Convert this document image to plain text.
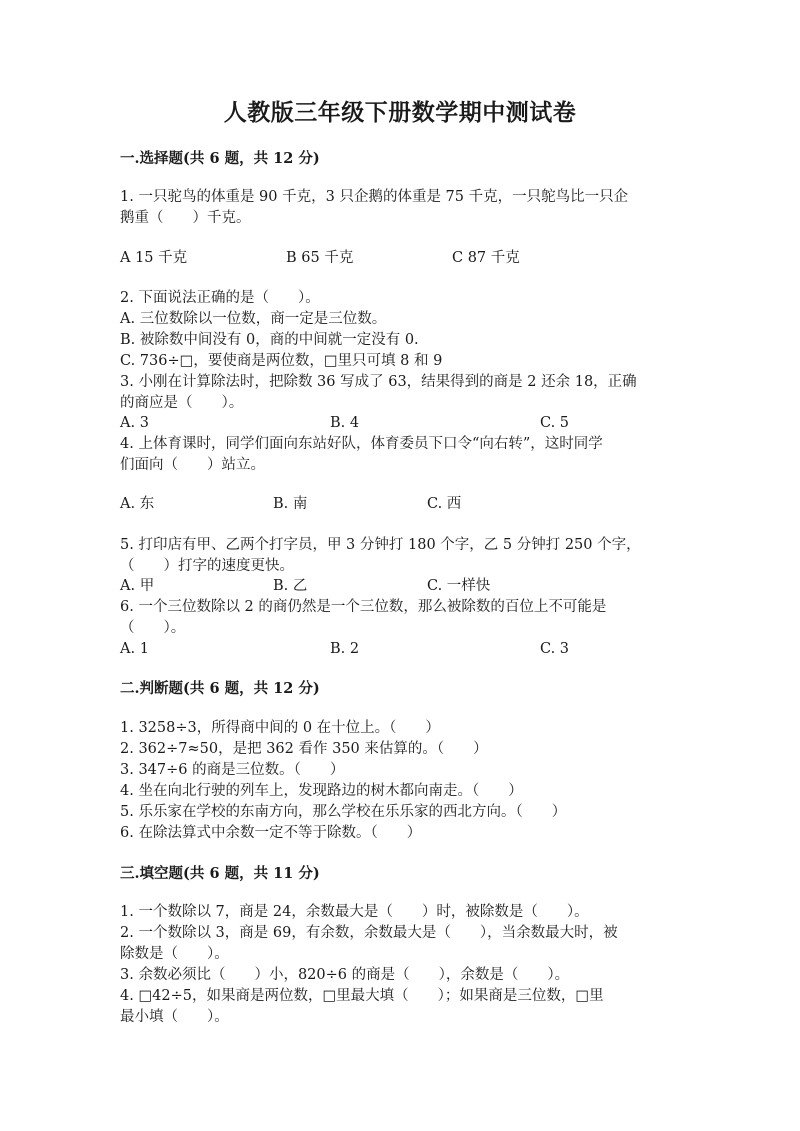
人教版三年级下册数学期中测试卷
一.选择题(共 6 题，共 12 分)
1. 一只驼鸟的体重是 90 千克，3 只企鹅的体重是 75 千克，一只鸵鸟比一只企
鹅重（　　）千克。
A 15 千克	B 65 千克	C 87 千克
2. 下面说法正确的是（　　）。
A. 三位数除以一位数，商一定是三位数。
B. 被除数中间没有 0，商的中间就一定没有 0.
C. 736÷□，要使商是两位数，□里只可填 8 和 9
3. 小刚在计算除法时，把除数 36 写成了 63，结果得到的商是 2 还余 18，正确
的商应是（　　）。
A. 3	B. 4	C. 5
4. 上体育课时，同学们面向东站好队，体育委员下口令“向右转”，这时同学
们面向（　　）站立。
A. 东	B. 南	C. 西
5. 打印店有甲、乙两个打字员，甲 3 分钟打 180 个字，乙 5 分钟打 250 个字，
（　　）打字的速度更快。
A. 甲	B. 乙	C. 一样快
6. 一个三位数除以 2 的商仍然是一个三位数，那么被除数的百位上不可能是
（　　）。
A. 1	B. 2	C. 3
二.判断题(共 6 题，共 12 分)
1. 3258÷3，所得商中间的 0 在十位上。（　　）
2. 362÷7≈50，是把 362 看作 350 来估算的。（　　）
3. 347÷6 的商是三位数。（　　）
4. 坐在向北行驶的列车上，发现路边的树木都向南走。（　　）
5. 乐乐家在学校的东南方向，那么学校在乐乐家的西北方向。（　　）
6. 在除法算式中余数一定不等于除数。（　　）
三.填空题(共 6 题，共 11 分)
1. 一个数除以 7，商是 24，余数最大是（　　）时，被除数是（　　）。
2. 一个数除以 3，商是 69，有余数，余数最大是（　　），当余数最大时，被
除数是（　　）。
3. 余数必须比（　　）小，820÷6 的商是（　　），余数是（　　）。
4. □42÷5，如果商是两位数，□里最大填（　　）；如果商是三位数，□里
最小填（　　）。
